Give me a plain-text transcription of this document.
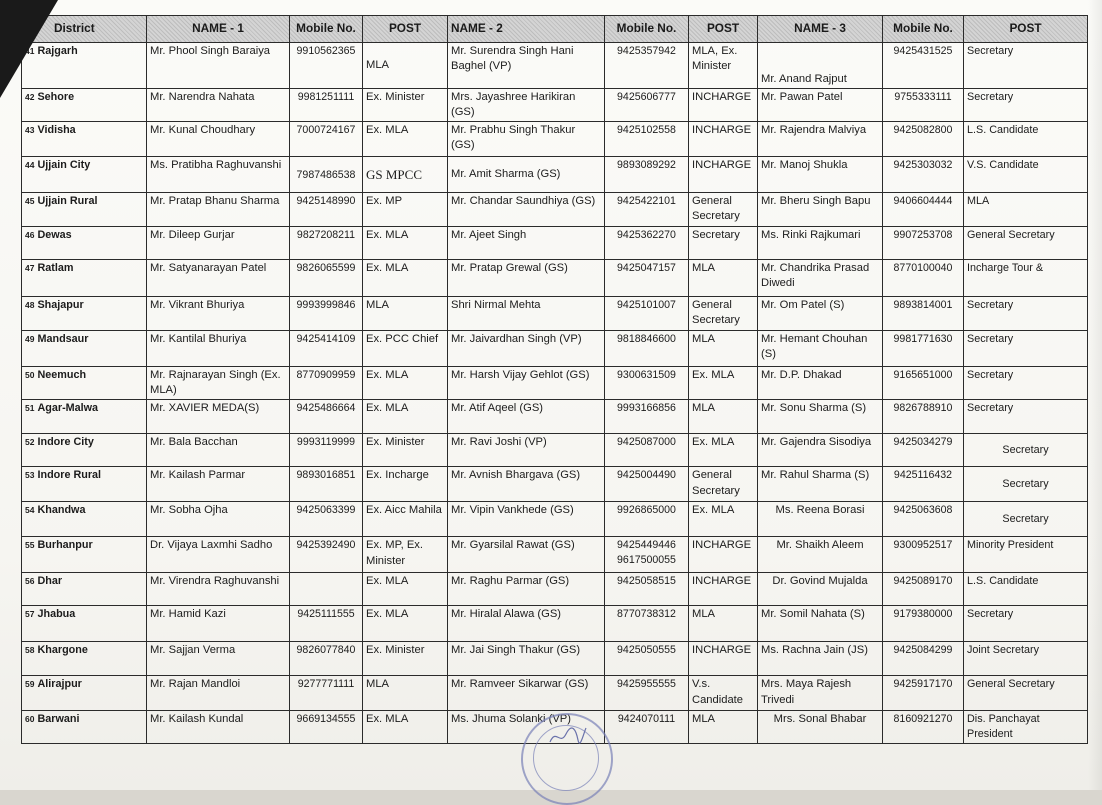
District	NAME - 1	Mobile No.	POST	NAME - 2	Mobile No.	POST	NAME - 3	Mobile No.	POST
41 Rajgarh	Mr. Phool Singh Baraiya	9910562365	MLA	Mr. Surendra Singh Hani Baghel (VP)	9425357942	MLA, Ex. Minister	Mr. Anand Rajput	9425431525	Secretary
42 Sehore	Mr. Narendra Nahata	9981251111	Ex. Minister	Mrs. Jayashree Harikiran (GS)	9425606777	INCHARGE	Mr. Pawan Patel	9755333111	Secretary
43 Vidisha	Mr. Kunal Choudhary	7000724167	Ex. MLA	Mr. Prabhu Singh Thakur (GS)	9425102558	INCHARGE	Mr. Rajendra Malviya	9425082800	L.S. Candidate
44 Ujjain City	Ms. Pratibha Raghuvanshi	7987486538	GS MPCC	Mr. Amit Sharma (GS)	9893089292	INCHARGE	Mr. Manoj Shukla	9425303032	V.S. Candidate
45 Ujjain Rural	Mr. Pratap Bhanu Sharma	9425148990	Ex. MP	Mr. Chandar Saundhiya (GS)	9425422101	General Secretary	Mr. Bheru Singh Bapu	9406604444	MLA
46 Dewas	Mr. Dileep Gurjar	9827208211	Ex. MLA	Mr. Ajeet Singh	9425362270	Secretary	Ms. Rinki Rajkumari	9907253708	General Secretary
47 Ratlam	Mr. Satyanarayan Patel	9826065599	Ex. MLA	Mr. Pratap Grewal (GS)	9425047157	MLA	Mr. Chandrika Prasad Diwedi	8770100040	Incharge Tour &
48 Shajapur	Mr. Vikrant Bhuriya	9993999846	MLA	Shri Nirmal Mehta	9425101007	General Secretary	Mr. Om Patel (S)	9893814001	Secretary
49 Mandsaur	Mr. Kantilal Bhuriya	9425414109	Ex. PCC Chief	Mr. Jaivardhan Singh (VP)	9818846600	MLA	Mr. Hemant Chouhan (S)	9981771630	Secretary
50 Neemuch	Mr. Rajnarayan Singh (Ex. MLA)	8770909959	Ex. MLA	Mr. Harsh Vijay Gehlot (GS)	9300631509	Ex. MLA	Mr. D.P. Dhakad	9165651000	Secretary
51 Agar-Malwa	Mr. XAVIER MEDA(S)	9425486664	Ex. MLA	Mr. Atif Aqeel (GS)	9993166856	MLA	Mr. Sonu Sharma (S)	9826788910	Secretary
52 Indore City	Mr. Bala Bacchan	9993119999	Ex. Minister	Mr. Ravi Joshi (VP)	9425087000	Ex. MLA	Mr. Gajendra Sisodiya	9425034279	Secretary
53 Indore Rural	Mr. Kailash Parmar	9893016851	Ex. Incharge	Mr. Avnish Bhargava (GS)	9425004490	General Secretary	Mr. Rahul Sharma (S)	9425116432	Secretary
54 Khandwa	Mr. Sobha Ojha	9425063399	Ex. Aicc Mahila	Mr. Vipin Vankhede (GS)	9926865000	Ex. MLA	Ms. Reena Borasi	9425063608	Secretary
55 Burhanpur	Dr. Vijaya Laxmhi Sadho	9425392490	Ex. MP, Ex. Minister	Mr. Gyarsilal Rawat (GS)	9425449446 9617500055	INCHARGE	Mr. Shaikh Aleem	9300952517	Minority President
56 Dhar	Mr. Virendra Raghuvanshi		Ex. MLA	Mr. Raghu Parmar (GS)	9425058515	INCHARGE	Dr. Govind Mujalda	9425089170	L.S. Candidate
57 Jhabua	Mr. Hamid Kazi	9425111555	Ex. MLA	Mr. Hiralal Alawa (GS)	8770738312	MLA	Mr. Somil Nahata (S)	9179380000	Secretary
58 Khargone	Mr. Sajjan Verma	9826077840	Ex. Minister	Mr. Jai Singh Thakur (GS)	9425050555	INCHARGE	Ms. Rachna Jain (JS)	9425084299	Joint Secretary
59 Alirajpur	Mr. Rajan Mandloi	9277771111	MLA	Mr. Ramveer Sikarwar (GS)	9425955555	V.s. Candidate	Mrs. Maya Rajesh Trivedi	9425917170	General Secretary
60 Barwani	Mr. Kailash Kundal	9669134555	Ex. MLA	Ms. Jhuma Solanki (VP)	9424070111	MLA	Mrs. Sonal Bhabar	8160921270	Dis. Panchayat President
